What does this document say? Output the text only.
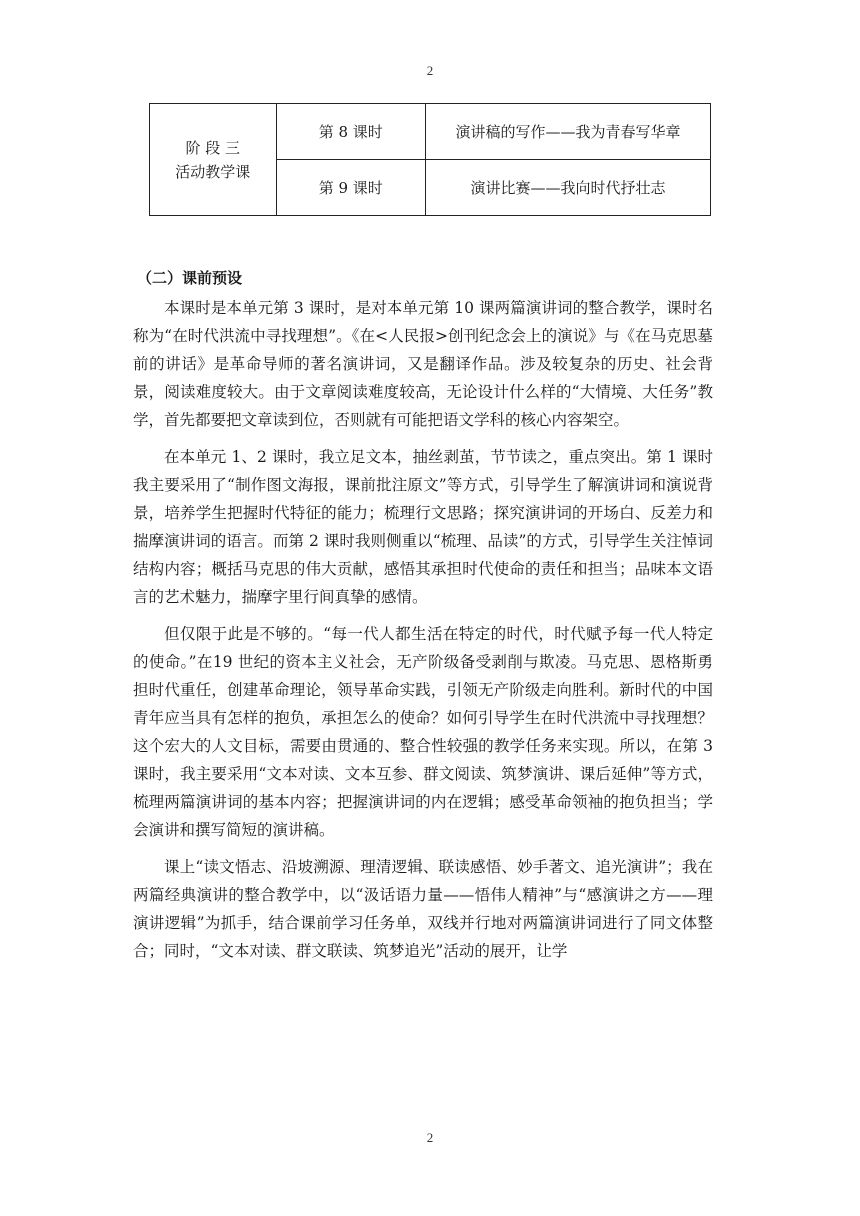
2
阶 段 三
活动教学课	第 8 课时	演讲稿的写作——我为青春写华章
	第 9 课时	演讲比赛——我向时代抒壮志
（二）课前预设

本课时是本单元第 3 课时，是对本单元第 10 课两篇演讲词的整合教学，课时名称为“在时代洪流中寻找理想”。《在<人民报>创刊纪念会上的演说》与《在马克思墓前的讲话》是革命导师的著名演讲词，又是翻译作品。涉及较复杂的历史、社会背景，阅读难度较大。由于文章阅读难度较高，无论设计什么样的“大情境、大任务”教学，首先都要把文章读到位，否则就有可能把语文学科的核心内容架空。

在本单元 1、2 课时，我立足文本，抽丝剥茧，节节读之，重点突出。第 1 课时我主要采用了“制作图文海报，课前批注原文”等方式，引导学生了解演讲词和演说背景，培养学生把握时代特征的能力；梳理行文思路；探究演讲词的开场白、反差力和揣摩演讲词的语言。而第 2 课时我则侧重以“梳理、品读”的方式，引导学生关注悼词结构内容；概括马克思的伟大贡献，感悟其承担时代使命的责任和担当；品味本文语言的艺术魅力，揣摩字里行间真挚的感情。

但仅限于此是不够的。“每一代人都生活在特定的时代，时代赋予每一代人特定的使命。”在19 世纪的资本主义社会，无产阶级备受剥削与欺凌。马克思、恩格斯勇担时代重任，创建革命理论，领导革命实践，引领无产阶级走向胜利。新时代的中国青年应当具有怎样的抱负，承担怎么的使命？如何引导学生在时代洪流中寻找理想？这个宏大的人文目标，需要由贯通的、整合性较强的教学任务来实现。所以，在第 3 课时，我主要采用“文本对读、文本互参、群文阅读、筑梦演讲、课后延伸”等方式，梳理两篇演讲词的基本内容；把握演讲词的内在逻辑；感受革命领袖的抱负担当；学会演讲和撰写简短的演讲稿。

课上“读文悟志、沿坡溯源、理清逻辑、联读感悟、妙手著文、追光演讲”；我在两篇经典演讲的整合教学中，以“汲话语力量——悟伟人精神”与“感演讲之方——理演讲逻辑”为抓手，结合课前学习任务单，双线并行地对两篇演讲词进行了同文体整合；同时，“文本对读、群文联读、筑梦追光”活动的展开，让学

2
